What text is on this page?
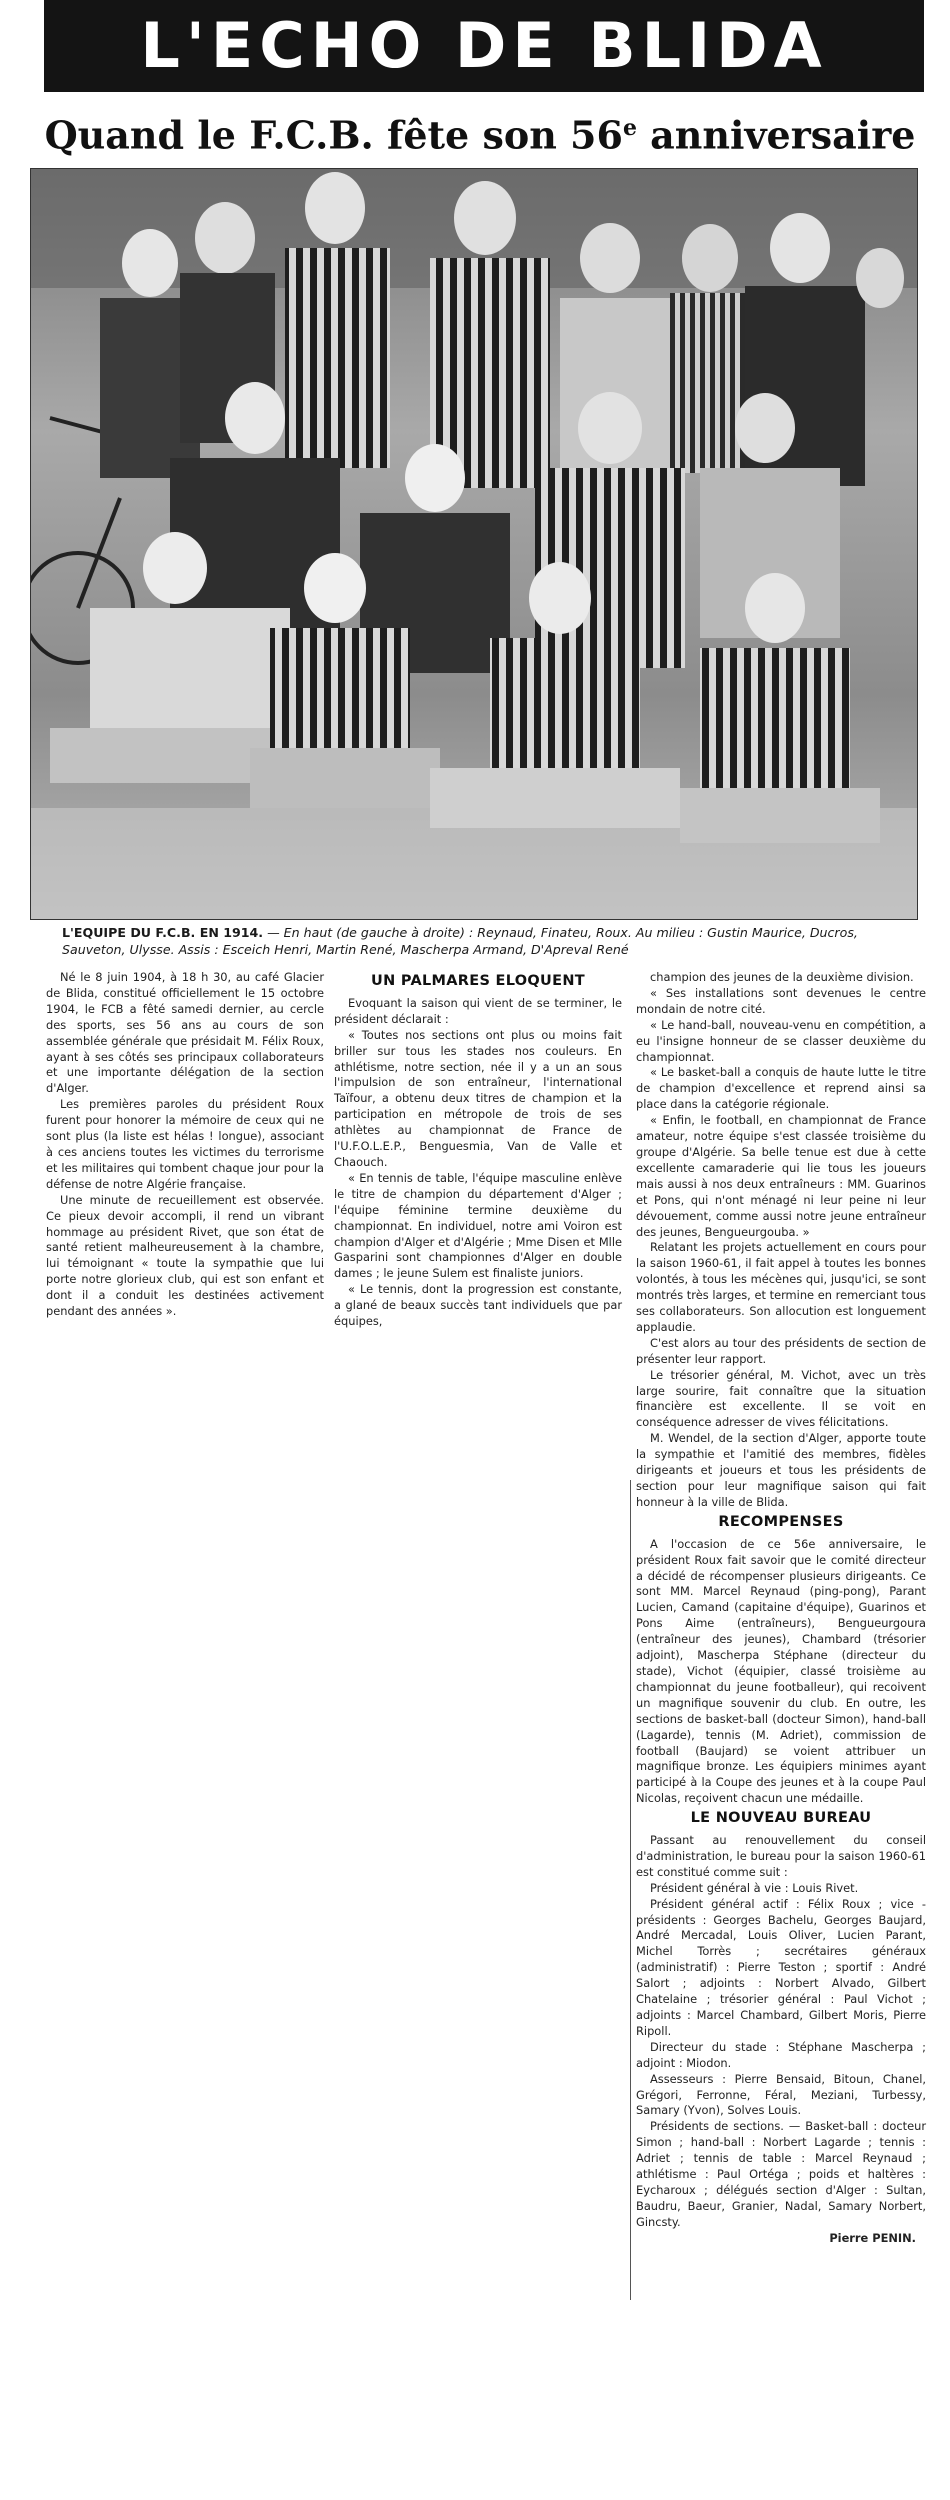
L'ECHO DE BLIDA
Quand le F.C.B. fête son 56e anniversaire
L'EQUIPE DU F.C.B. EN 1914. — En haut (de gauche à droite) : Reynaud, Finateu, Roux. Au milieu : Gustin Maurice, Ducros, Sauveton, Ulysse. Assis : Esceich Henri, Martin René, Mascherpa Armand, D'Apreval René

Né le 8 juin 1904, à 18 h 30, au café Glacier de Blida, constitué officiellement le 15 octobre 1904, le FCB a fêté samedi dernier, au cercle des sports, ses 56 ans au cours de son assemblée générale que présidait M. Félix Roux, ayant à ses côtés ses principaux collaborateurs et une importante délégation de la section d'Alger.

Les premières paroles du président Roux furent pour honorer la mémoire de ceux qui ne sont plus (la liste est hélas ! longue), associant à ces anciens toutes les victimes du terrorisme et les militaires qui tombent chaque jour pour la défense de notre Algérie française.

Une minute de recueillement est observée. Ce pieux devoir accompli, il rend un vibrant hommage au président Rivet, que son état de santé retient malheureusement à la chambre, lui témoignant « toute la sympathie que lui porte notre glorieux club, qui est son enfant et dont il a conduit les destinées activement pendant des années ».

UN PALMARES ELOQUENT

Evoquant la saison qui vient de se terminer, le président déclarait :

« Toutes nos sections ont plus ou moins fait briller sur tous les stades nos couleurs. En athlétisme, notre section, née il y a un an sous l'impulsion de son entraîneur, l'international Taïfour, a obtenu deux titres de champion et la participation en métropole de trois de ses athlètes au championnat de France de l'U.F.O.L.E.P., Benguesmia, Van de Valle et Chaouch.

« En tennis de table, l'équipe masculine enlève le titre de champion du département d'Alger ; l'équipe féminine termine deuxième du championnat. En individuel, notre ami Voiron est champion d'Alger et d'Algérie ; Mme Disen et Mlle Gasparini sont championnes d'Alger en double dames ; le jeune Sulem est finaliste juniors.

« Le tennis, dont la progression est constante, a glané de beaux succès tant individuels que par équipes,

champion des jeunes de la deuxième division.

« Ses installations sont devenues le centre mondain de notre cité.

« Le hand-ball, nouveau-venu en compétition, a eu l'insigne honneur de se classer deuxième du championnat.

« Le basket-ball a conquis de haute lutte le titre de champion d'excellence et reprend ainsi sa place dans la catégorie régionale.

« Enfin, le football, en championnat de France amateur, notre équipe s'est classée troisième du groupe d'Algérie. Sa belle tenue est due à cette excellente camaraderie qui lie tous les joueurs mais aussi à nos deux entraîneurs : MM. Guarinos et Pons, qui n'ont ménagé ni leur peine ni leur dévouement, comme aussi notre jeune entraîneur des jeunes, Bengueurgouba. »

Relatant les projets actuellement en cours pour la saison 1960-61, il fait appel à toutes les bonnes volontés, à tous les mécènes qui, jusqu'ici, se sont montrés très larges, et termine en remerciant tous ses collaborateurs. Son allocution est longuement applaudie.

C'est alors au tour des présidents de section de présenter leur rapport.

Le trésorier général, M. Vichot, avec un très large sourire, fait connaître que la situation financière est excellente. Il se voit en conséquence adresser de vives félicitations.

M. Wendel, de la section d'Alger, apporte toute la sympathie et l'amitié des membres, fidèles dirigeants et joueurs et tous les présidents de section pour leur magnifique saison qui fait honneur à la ville de Blida.

RECOMPENSES

A l'occasion de ce 56e anniversaire, le président Roux fait savoir que le comité directeur a décidé de récompenser plusieurs dirigeants. Ce sont MM. Marcel Reynaud (ping-pong), Parant Lucien, Camand (capitaine d'équipe), Guarinos et Pons Aime (entraîneurs), Bengueurgoura (entraîneur des jeunes), Chambard (trésorier adjoint), Mascherpa Stéphane (directeur du stade), Vichot (équipier, classé troisième au championnat du jeune footballeur), qui recoivent un magnifique souvenir du club. En outre, les sections de basket-ball (docteur Simon), hand-ball (Lagarde), tennis (M. Adriet), commission de football (Baujard) se voient attribuer un magnifique bronze. Les équipiers minimes ayant participé à la Coupe des jeunes et à la coupe Paul Nicolas, reçoivent chacun une médaille.

LE NOUVEAU BUREAU

Passant au renouvellement du conseil d'administration, le bureau pour la saison 1960-61 est constitué comme suit :

Président général à vie : Louis Rivet.

Président général actif : Félix Roux ; vice - présidents : Georges Bachelu, Georges Baujard, André Mercadal, Louis Oliver, Lucien Parant, Michel Torrès ; secrétaires généraux (administratif) : Pierre Teston ; sportif : André Salort ; adjoints : Norbert Alvado, Gilbert Chatelaine ; trésorier général : Paul Vichot ; adjoints : Marcel Chambard, Gilbert Moris, Pierre Ripoll.

Directeur du stade : Stéphane Mascherpa ; adjoint : Miodon.

Assesseurs : Pierre Bensaid, Bitoun, Chanel, Grégori, Ferronne, Féral, Meziani, Turbessy, Samary (Yvon), Solves Louis.

Présidents de sections. — Basket-ball : docteur Simon ; hand-ball : Norbert Lagarde ; tennis : Adriet ; tennis de table : Marcel Reynaud ; athlétisme : Paul Ortéga ; poids et haltères : Eycharoux ; délégués section d'Alger : Sultan, Baudru, Baeur, Granier, Nadal, Samary Norbert, Gincsty.

Pierre PENIN.
